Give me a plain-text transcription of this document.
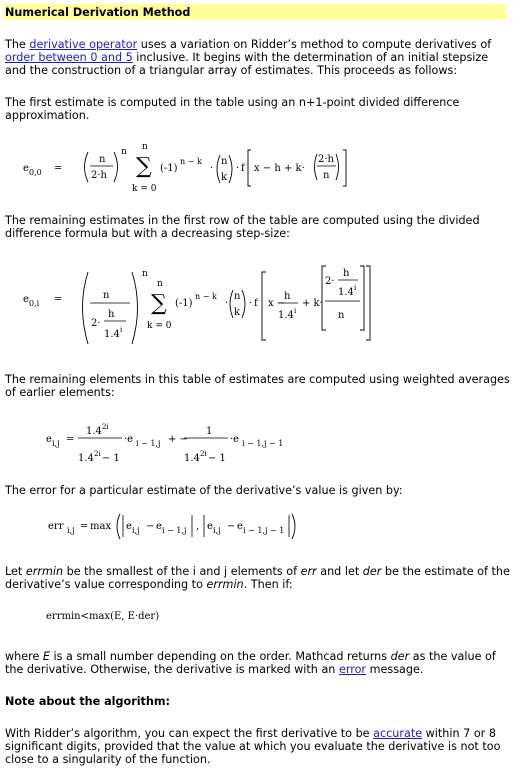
Numerical Derivation Method

The derivative operator uses a variation on Ridder’s method to compute derivatives of order between 0 and 5 inclusive. It begins with the determination of an initial stepsize and the construction of a triangular array of estimates. This proceeds as follows:

The first estimate is computed in the table using an n+1-point divided difference approximation.

e 0,0 =
n
2·h
n n
∑
k = 0
(-1)
n − k
·
n
k
· f x − h + k·
2·h
n

The remaining estimates in the first row of the table are computed using the divided difference formula but with a decreasing step-size:

e 0,i =	n
2·
h
1.4 i
n
n
∑
k = 0
(-1)
n − k
·
n
k
· f x −
h
1.4 i
+ k·
2·
h
1.4 i
n

The remaining elements in this table of estimates are computed using weighted averages of earlier elements:

e i,j =
1.4 2i
1.4 2i − 1
·e i − 1,j + −
1
1.4 2i − 1
·e i − 1,j − 1

The error for a particular estimate of the derivative’s value is given by:

err i,j = max e i,j − e i − 1,j , e i,j − e i − 1,j − 1

Let errmin be the smallest of the i and j elements of err and let der be the estimate of the derivative’s value corresponding to errmin. Then if:

errmin<max(E, E·der)

where E is a small number depending on the order. Mathcad returns der as the value of the derivative. Otherwise, the derivative is marked with an error message.

Note about the algorithm:

With Ridder’s algorithm, you can expect the first derivative to be accurate within 7 or 8 significant digits, provided that the value at which you evaluate the derivative is not too close to a singularity of the function.
